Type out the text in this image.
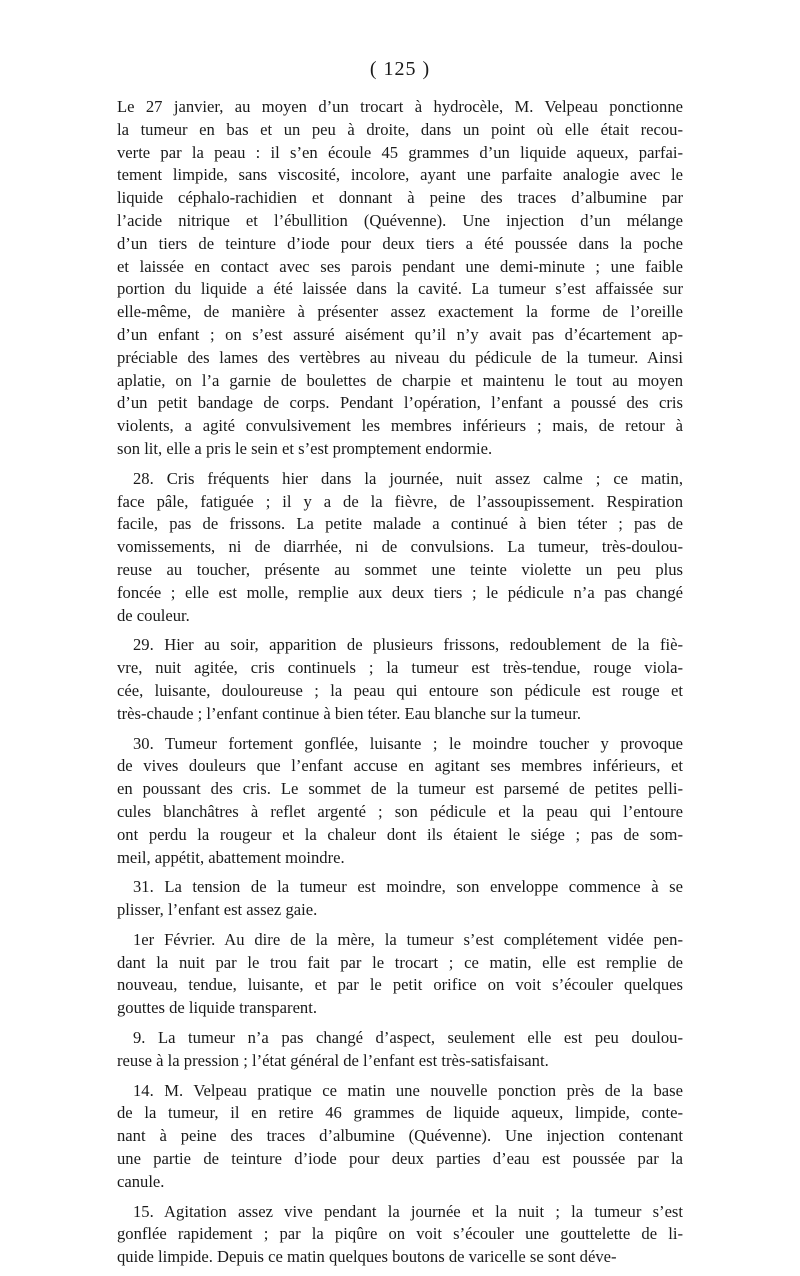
( 125 )
Le 27 janvier, au moyen d’un trocart à hydrocèle, M. Velpeau ponctionne
la tumeur en bas et un peu à droite, dans un point où elle était recou-
verte par la peau : il s’en écoule 45 grammes d’un liquide aqueux, parfai-
tement limpide, sans viscosité, incolore, ayant une parfaite analogie avec le
liquide céphalo-rachidien et donnant à peine des traces d’albumine par
l’acide nitrique et l’ébullition (Quévenne). Une injection d’un mélange
d’un tiers de teinture d’iode pour deux tiers a été poussée dans la poche
et laissée en contact avec ses parois pendant une demi-minute ; une faible
portion du liquide a été laissée dans la cavité. La tumeur s’est affaissée sur
elle-même, de manière à présenter assez exactement la forme de l’oreille
d’un enfant ; on s’est assuré aisément qu’il n’y avait pas d’écartement ap-
préciable des lames des vertèbres au niveau du pédicule de la tumeur. Ainsi
aplatie, on l’a garnie de boulettes de charpie et maintenu le tout au moyen
d’un petit bandage de corps. Pendant l’opération, l’enfant a poussé des cris
violents, a agité convulsivement les membres inférieurs ; mais, de retour à
son lit, elle a pris le sein et s’est promptement endormie.
28. Cris fréquents hier dans la journée, nuit assez calme ; ce matin,
face pâle, fatiguée ; il y a de la fièvre, de l’assoupissement. Respiration
facile, pas de frissons. La petite malade a continué à bien téter ; pas de
vomissements, ni de diarrhée, ni de convulsions. La tumeur, très-doulou-
reuse au toucher, présente au sommet une teinte violette un peu plus
foncée ; elle est molle, remplie aux deux tiers ; le pédicule n’a pas changé
de couleur.
29. Hier au soir, apparition de plusieurs frissons, redoublement de la fiè-
vre, nuit agitée, cris continuels ; la tumeur est très-tendue, rouge viola-
cée, luisante, douloureuse ; la peau qui entoure son pédicule est rouge et
très-chaude ; l’enfant continue à bien téter. Eau blanche sur la tumeur.
30. Tumeur fortement gonflée, luisante ; le moindre toucher y provoque
de vives douleurs que l’enfant accuse en agitant ses membres inférieurs, et
en poussant des cris. Le sommet de la tumeur est parsemé de petites pelli-
cules blanchâtres à reflet argenté ; son pédicule et la peau qui l’entoure
ont perdu la rougeur et la chaleur dont ils étaient le siége ; pas de som-
meil, appétit, abattement moindre.
31. La tension de la tumeur est moindre, son enveloppe commence à se
plisser, l’enfant est assez gaie.
1er Février. Au dire de la mère, la tumeur s’est complétement vidée pen-
dant la nuit par le trou fait par le trocart ; ce matin, elle est remplie de
nouveau, tendue, luisante, et par le petit orifice on voit s’écouler quelques
gouttes de liquide transparent.
9. La tumeur n’a pas changé d’aspect, seulement elle est peu doulou-
reuse à la pression ; l’état général de l’enfant est très-satisfaisant.
14. M. Velpeau pratique ce matin une nouvelle ponction près de la base
de la tumeur, il en retire 46 grammes de liquide aqueux, limpide, conte-
nant à peine des traces d’albumine (Quévenne). Une injection contenant
une partie de teinture d’iode pour deux parties d’eau est poussée par la
canule.
15. Agitation assez vive pendant la journée et la nuit ; la tumeur s’est
gonflée rapidement ; par la piqûre on voit s’écouler une gouttelette de li-
quide limpide. Depuis ce matin quelques boutons de varicelle se sont déve-
